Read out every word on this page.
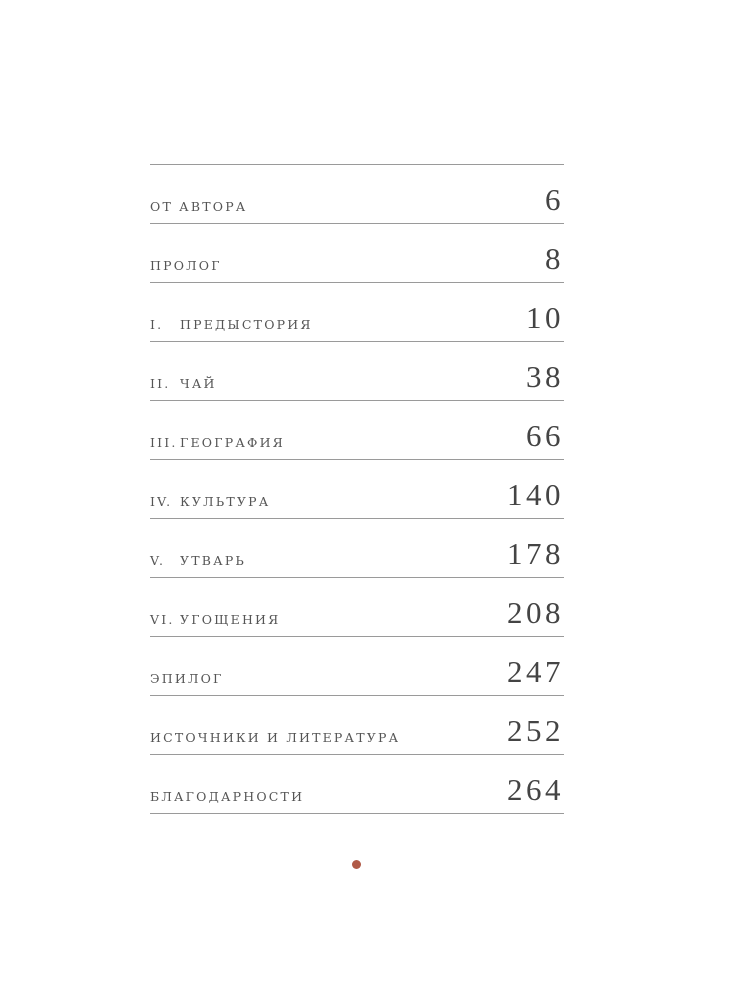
ОТ АВТОРА	6
ПРОЛОГ	8
I. ПРЕДЫСТОРИЯ	10
II. ЧАЙ	38
III. ГЕОГРАФИЯ	66
IV. КУЛЬТУРА	140
V. УТВАРЬ	178
VI. УГОЩЕНИЯ	208
ЭПИЛОГ	247
ИСТОЧНИКИ И ЛИТЕРАТУРА	252
БЛАГОДАРНОСТИ	264
